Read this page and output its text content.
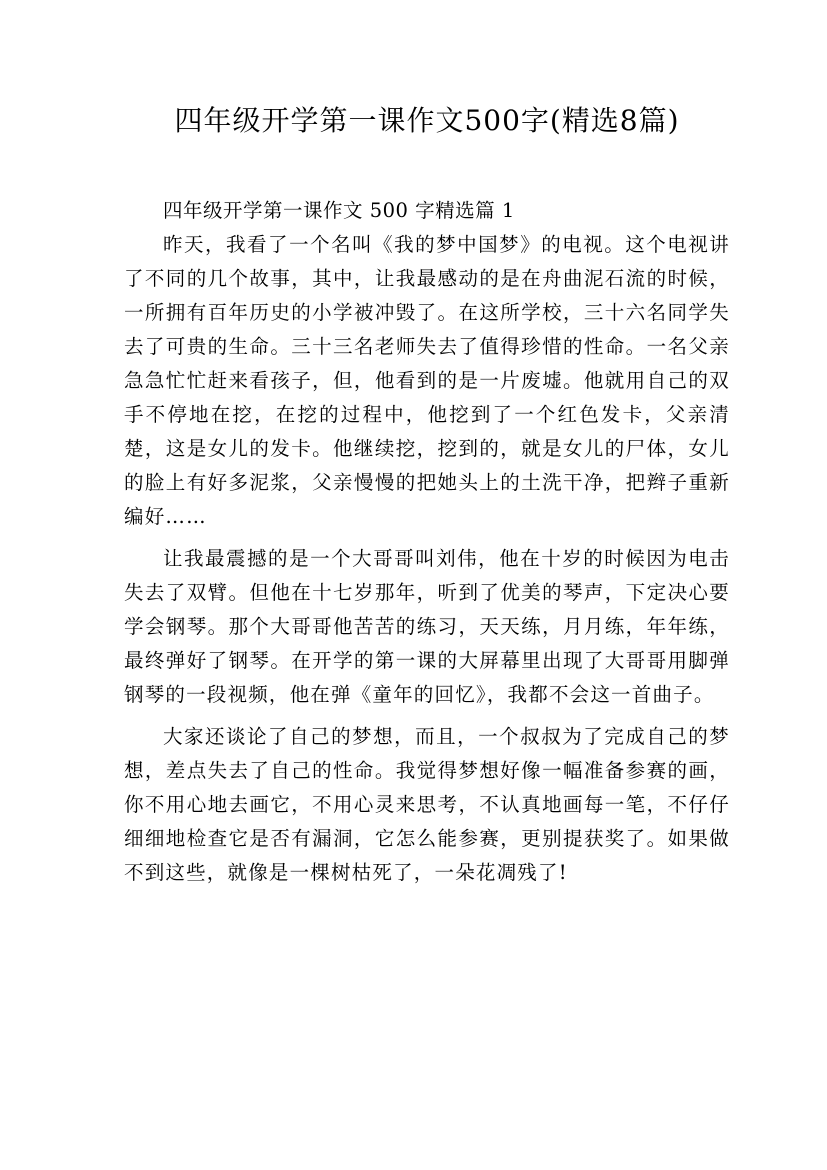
四年级开学第一课作文500字(精选8篇)
四年级开学第一课作文 500 字精选篇 1

昨天，我看了一个名叫《我的梦中国梦》的电视。这个电视讲了不同的几个故事，其中，让我最感动的是在舟曲泥石流的时候，一所拥有百年历史的小学被冲毁了。在这所学校，三十六名同学失去了可贵的生命。三十三名老师失去了值得珍惜的性命。一名父亲急急忙忙赶来看孩子，但，他看到的是一片废墟。他就用自己的双手不停地在挖，在挖的过程中，他挖到了一个红色发卡，父亲清楚，这是女儿的发卡。他继续挖，挖到的，就是女儿的尸体，女儿的脸上有好多泥浆，父亲慢慢的把她头上的土洗干净，把辫子重新编好……

让我最震撼的是一个大哥哥叫刘伟，他在十岁的时候因为电击失去了双臂。但他在十七岁那年，听到了优美的琴声，下定决心要学会钢琴。那个大哥哥他苦苦的练习，天天练，月月练，年年练，最终弹好了钢琴。在开学的第一课的大屏幕里出现了大哥哥用脚弹钢琴的一段视频，他在弹《童年的回忆》，我都不会这一首曲子。

大家还谈论了自己的梦想，而且，一个叔叔为了完成自己的梦想，差点失去了自己的性命。我觉得梦想好像一幅准备参赛的画，你不用心地去画它，不用心灵来思考，不认真地画每一笔，不仔仔细细地检查它是否有漏洞，它怎么能参赛，更别提获奖了。如果做不到这些，就像是一棵树枯死了，一朵花凋残了!
